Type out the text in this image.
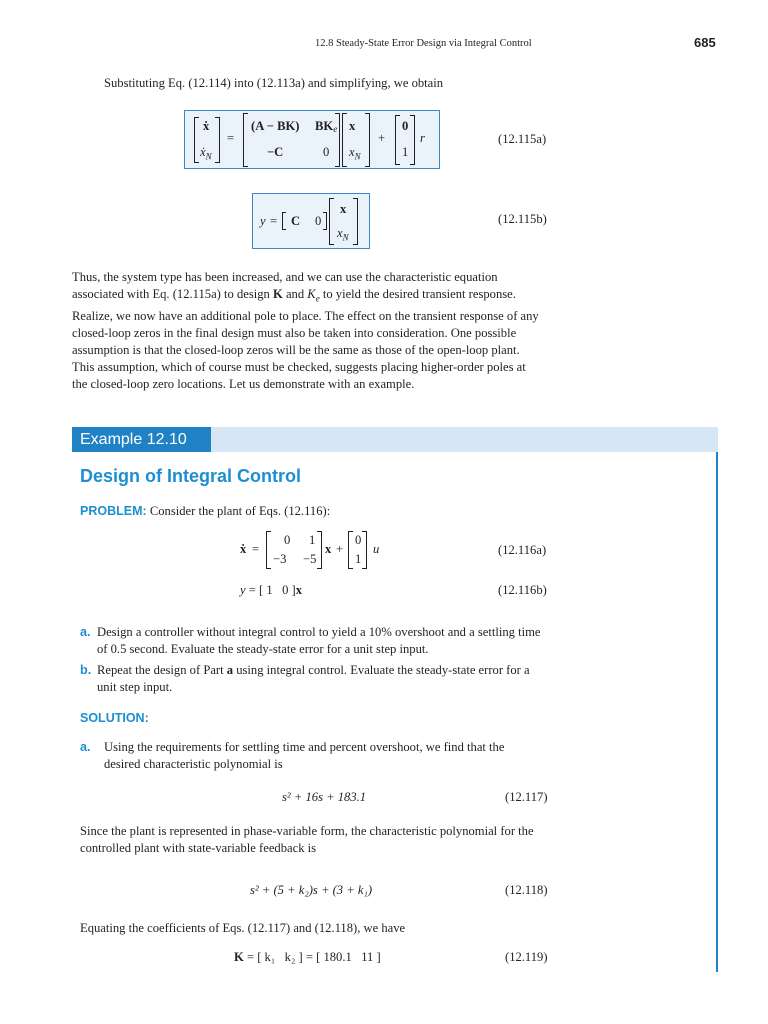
12.8 Steady-State Error Design via Integral Control	685
Substituting Eq. (12.114) into (12.113a) and simplifying, we obtain
ẋ
ẋ$_N$
=
(A − BK) BKe
−C	0
x
$x_N$
+
0
1
r	(12.115a)
y = C 0
x
$x_N$
(12.115b)
Thus, the system type has been increased, and we can use the characteristic equation
associated with Eq. (12.115a) to design K and $K_e$ to yield the desired transient response.
Realize, we now have an additional pole to place. The effect on the transient response of any
closed-loop zeros in the final design must also be taken into consideration. One possible
assumption is that the closed-loop zeros will be the same as those of the open-loop plant.
This assumption, which of course must be checked, suggests placing higher-order poles at
the closed-loop zero locations. Let us demonstrate with an example.
Example 12.10
Design of Integral Control
PROBLEM: Consider the plant of Eqs. (12.116):
ẋ =
0 1
−3 −5
x +
0
1
u	(12.116a)
y = [ 1   0 ]x	(12.116b)
a. Design a controller without integral control to yield a 10% overshoot and a settling time
of 0.5 second. Evaluate the steady-state error for a unit step input.
b. Repeat the design of Part a using integral control. Evaluate the steady-state error for a
unit step input.
SOLUTION:
a. Using the requirements for settling time and percent overshoot, we find that the
desired characteristic polynomial is
s² + 16s + 183.1	(12.117)
Since the plant is represented in phase-variable form, the characteristic polynomial for the
controlled plant with state-variable feedback is
s² + (5 + k₂)s + (3 + k₁)	(12.118)
Equating the coefficients of Eqs. (12.117) and (12.118), we have
K = [ k₁   k₂ ] = [ 180.1   11 ]	(12.119)
